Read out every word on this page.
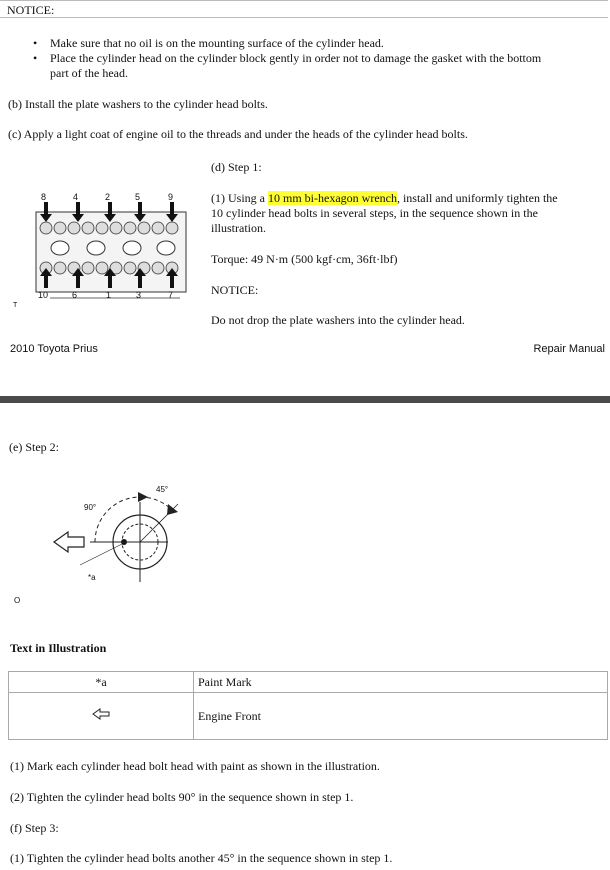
NOTICE:
• Make sure that no oil is on the mounting surface of the cylinder head.
• Place the cylinder head on the cylinder block gently in order not to damage the gasket with the bottom
part of the head.
(b) Install the plate washers to the cylinder head bolts.
(c) Apply a light coat of engine oil to the threads and under the heads of the cylinder head bolts.
(d) Step 1:
(1) Using a 10 mm bi-hexagon wrench, install and uniformly tighten the
10 cylinder head bolts in several steps, in the sequence shown in the
illustration.
Torque: 49 N·m (500 kgf·cm, 36ft·lbf)
NOTICE:
Do not drop the plate washers into the cylinder head.
8	4	2	5	9
10	6	1	3	7
T
2010 Toyota Prius	Repair Manual
(e) Step 2:
90°
45°
*a
O
Text in Illustration
*a	Paint Mark
	Engine Front
(1) Mark each cylinder head bolt head with paint as shown in the illustration.
(2) Tighten the cylinder head bolts 90° in the sequence shown in step 1.
(f) Step 3:
(1) Tighten the cylinder head bolts another 45° in the sequence shown in step 1.
